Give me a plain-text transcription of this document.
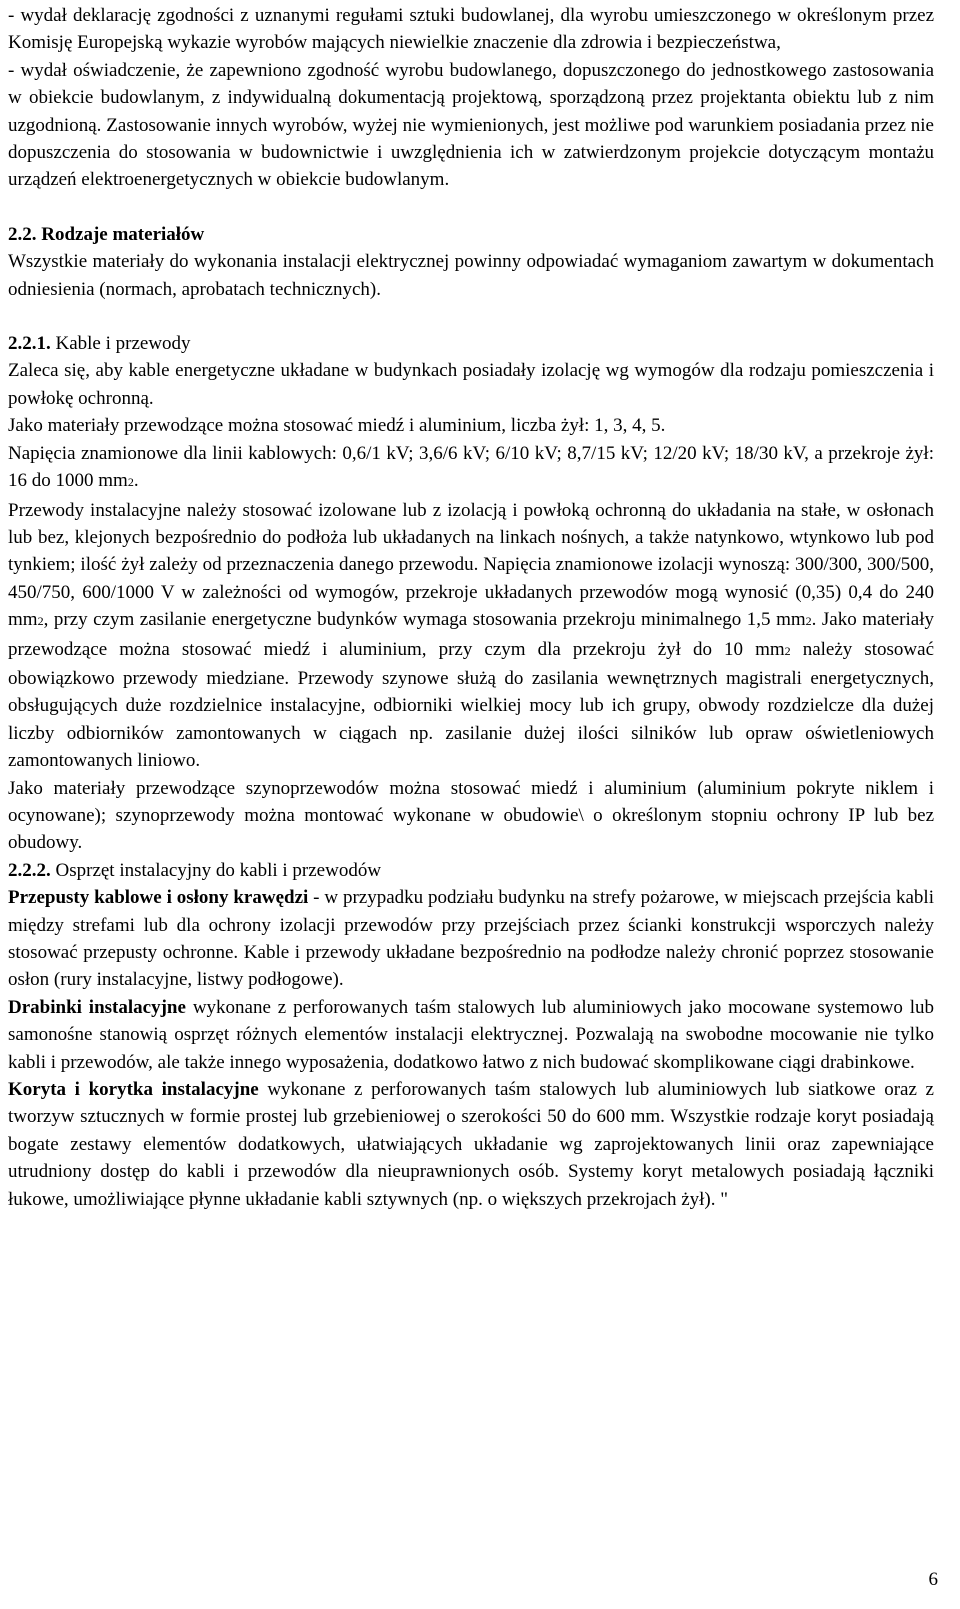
- wydał deklarację zgodności z uznanymi regułami sztuki budowlanej, dla wyrobu umieszczonego w określonym przez Komisję Europejską wykazie wyrobów mających niewielkie znaczenie dla zdrowia i bezpieczeństwa,

- wydał oświadczenie, że zapewniono zgodność wyrobu budowlanego, dopuszczonego do jednostkowego zastosowania w obiekcie budowlanym, z indywidualną dokumentacją projektową, sporządzoną przez projektanta obiektu lub z nim uzgodnioną. Zastosowanie innych wyrobów, wyżej nie wymienionych, jest możliwe pod warunkiem posiadania przez nie dopuszczenia do stosowania w budownictwie i uwzględnienia ich w zatwierdzonym projekcie dotyczącym montażu urządzeń elektroenergetycznych w obiekcie budowlanym.

2.2. Rodzaje materiałów

Wszystkie materiały do wykonania instalacji elektrycznej powinny odpowiadać wymaganiom zawartym w dokumentach odniesienia (normach, aprobatach technicznych).

2.2.1. Kable i przewody

Zaleca się, aby kable energetyczne układane w budynkach posiadały izolację wg wymogów dla rodzaju pomieszczenia i powłokę ochronną.

Jako materiały przewodzące można stosować miedź i aluminium, liczba żył: 1, 3, 4, 5.

Napięcia znamionowe dla linii kablowych: 0,6/1 kV; 3,6/6 kV; 6/10 kV; 8,7/15 kV; 12/20 kV; 18/30 kV, a przekroje żył: 16 do 1000 mm2.

Przewody instalacyjne należy stosować izolowane lub z izolacją i powłoką ochronną do układania na stałe, w osłonach lub bez, klejonych bezpośrednio do podłoża lub układanych na linkach nośnych, a także natynkowo, wtynkowo lub pod tynkiem; ilość żył zależy od przeznaczenia danego przewodu. Napięcia znamionowe izolacji wynoszą: 300/300, 300/500, 450/750, 600/1000 V w zależności od wymogów, przekroje układanych przewodów mogą wynosić (0,35) 0,4 do 240 mm2, przy czym zasilanie energetyczne budynków wymaga stosowania przekroju minimalnego 1,5 mm2. Jako materiały przewodzące można stosować miedź i aluminium, przy czym dla przekroju żył do 10 mm2 należy stosować obowiązkowo przewody miedziane. Przewody szynowe służą do zasilania wewnętrznych magistrali energetycznych, obsługujących duże rozdzielnice instalacyjne, odbiorniki wielkiej mocy lub ich grupy, obwody rozdzielcze dla dużej liczby odbiorników zamontowanych w ciągach np. zasilanie dużej ilości silników lub opraw oświetleniowych zamontowanych liniowo.

Jako materiały przewodzące szynoprzewodów można stosować miedź i aluminium (aluminium pokryte niklem i ocynowane); szynoprzewody można montować wykonane w obudowie\ o określonym stopniu ochrony IP lub bez obudowy.

2.2.2. Osprzęt instalacyjny do kabli i przewodów

Przepusty kablowe i osłony krawędzi - w przypadku podziału budynku na strefy pożarowe, w miejscach przejścia kabli między strefami lub dla ochrony izolacji przewodów przy przejściach przez ścianki konstrukcji wsporczych należy stosować przepusty ochronne. Kable i przewody układane bezpośrednio na podłodze należy chronić poprzez stosowanie osłon (rury instalacyjne, listwy podłogowe).

Drabinki instalacyjne wykonane z perforowanych taśm stalowych lub aluminiowych jako mocowane systemowo lub samonośne stanowią osprzęt różnych elementów instalacji elektrycznej. Pozwalają na swobodne mocowanie nie tylko kabli i przewodów, ale także innego wyposażenia, dodatkowo łatwo z nich budować skomplikowane ciągi drabinkowe.

Koryta i korytka instalacyjne wykonane z perforowanych taśm stalowych lub aluminiowych lub siatkowe oraz z tworzyw sztucznych w formie prostej lub grzebieniowej o szerokości 50 do 600 mm. Wszystkie rodzaje koryt posiadają bogate zestawy elementów dodatkowych, ułatwiających układanie wg zaprojektowanych linii oraz zapewniające utrudniony dostęp do kabli i przewodów dla nieuprawnionych osób. Systemy koryt metalowych posiadają łączniki łukowe, umożliwiające płynne układanie kabli sztywnych (np. o większych przekrojach żył). "

6
